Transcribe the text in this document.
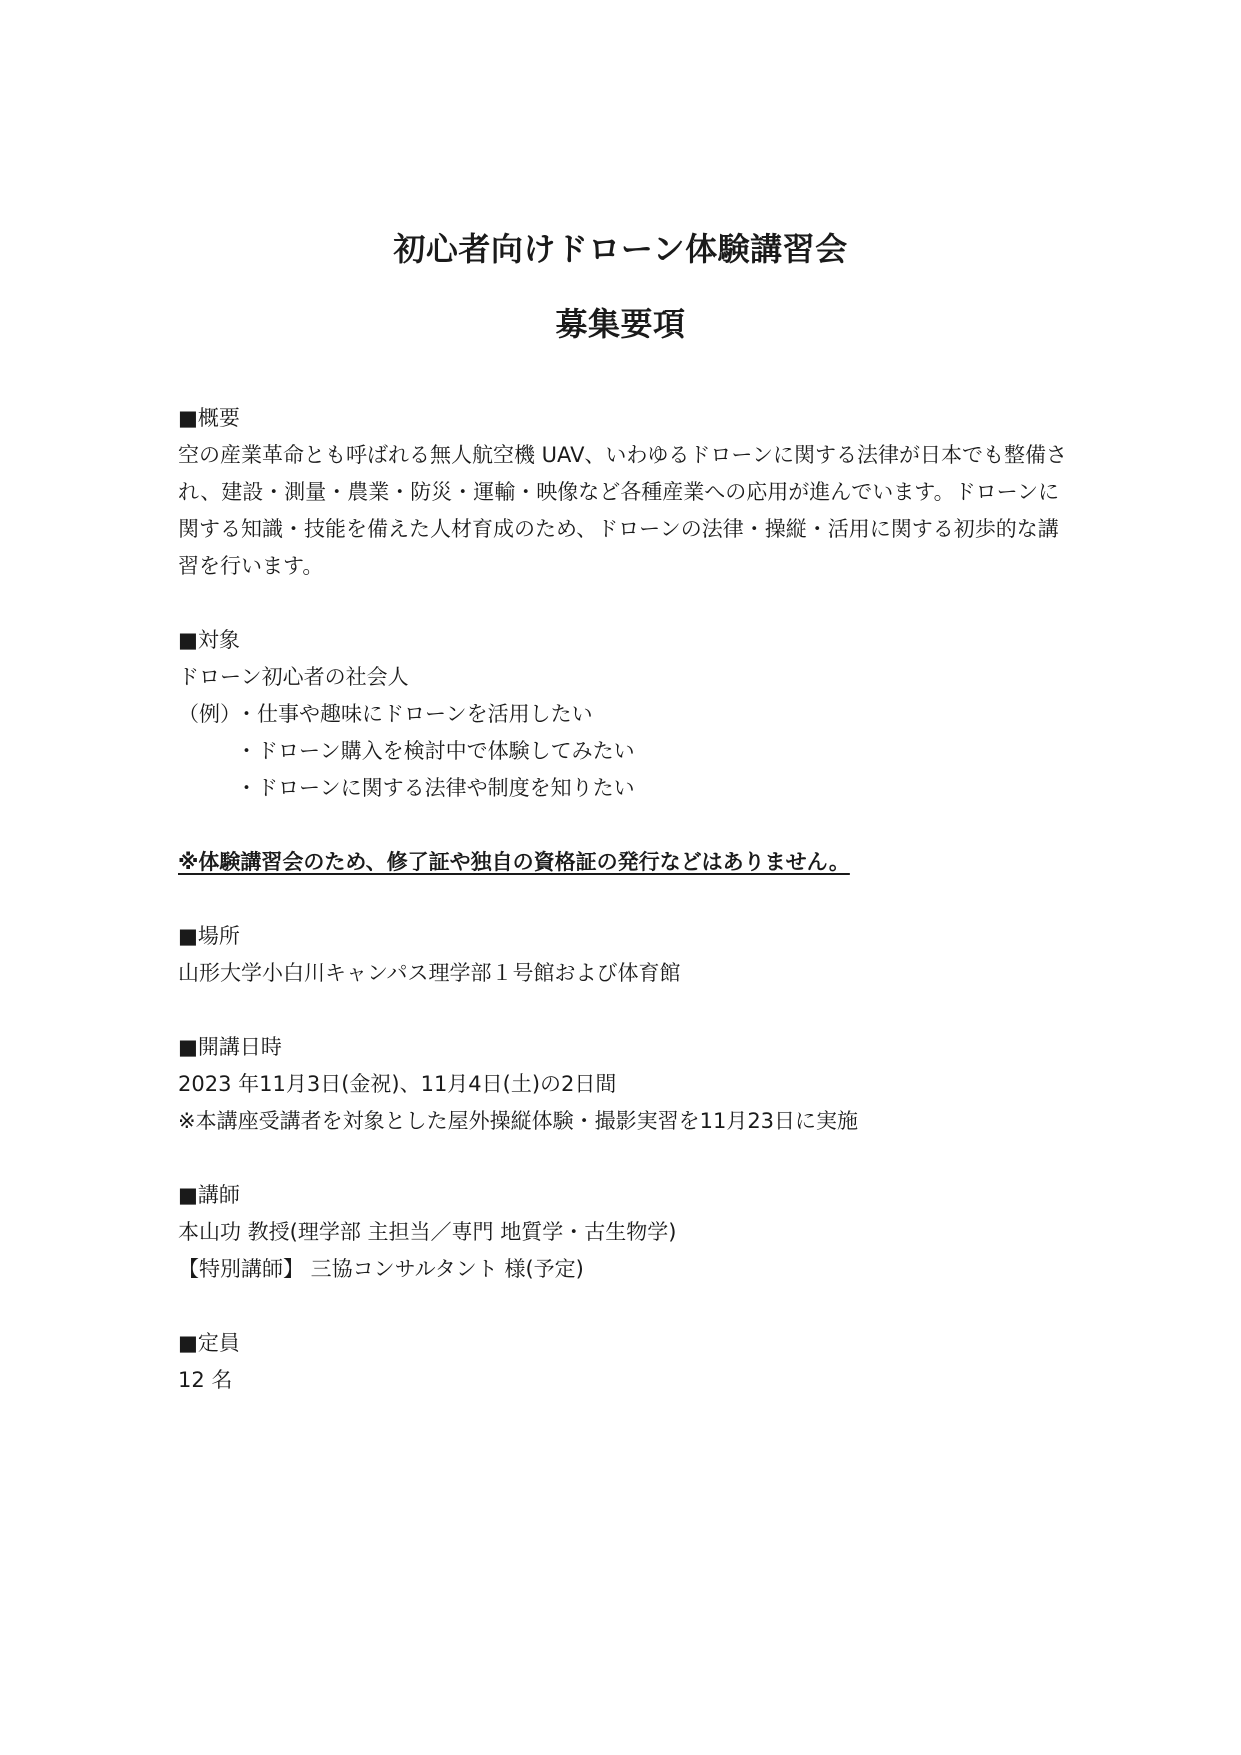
初心者向けドローン体験講習会
募集要項

■概要

空の産業革命とも呼ばれる無人航空機 UAV、いわゆるドローンに関する法律が日本でも整備され、建設・測量・農業・防災・運輸・映像など各種産業への応用が進んでいます。ドローンに関する知識・技能を備えた人材育成のため、ドローンの法律・操縦・活用に関する初歩的な講習を行います。

■対象

ドローン初心者の社会人

（例）
・仕事や趣味にドローンを活用したい
・ドローン購入を検討中で体験してみたい
・ドローンに関する法律や制度を知りたい

※体験講習会のため、修了証や独自の資格証の発行などはありません。

■場所

山形大学小白川キャンパス理学部１号館および体育館

■開講日時

2023 年11月3日(金祝)、11月4日(土)の2日間

※本講座受講者を対象とした屋外操縦体験・撮影実習を11月23日に実施

■講師

本山功 教授(理学部 主担当／専門 地質学・古生物学)

【特別講師】 三協コンサルタント 様(予定)

■定員

12 名
